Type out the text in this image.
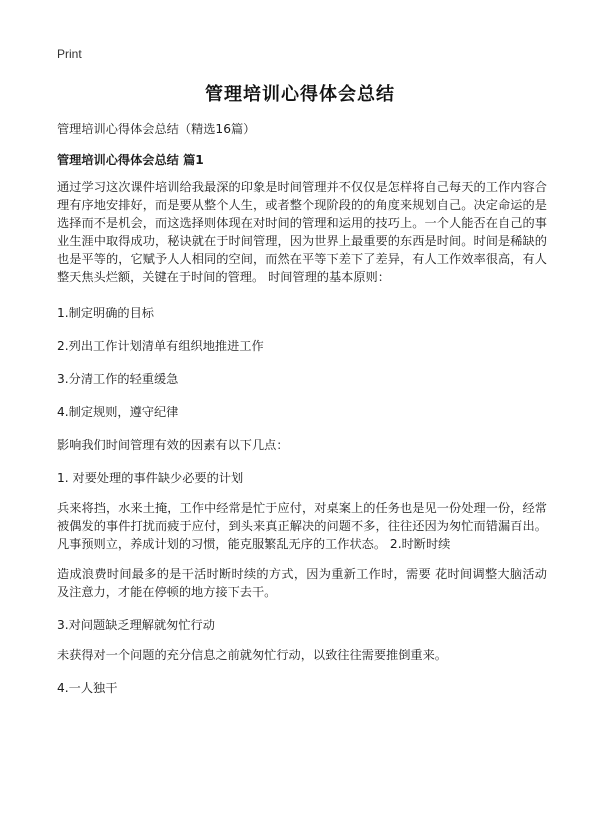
Print
管理培训心得体会总结

管理培训心得体会总结（精选16篇）

管理培训心得体会总结 篇1

通过学习这次课件培训给我最深的印象是时间管理并不仅仅是怎样将自己每天的工作内容合理有序地安排好，而是要从整个人生，或者整个现阶段的的角度来规划自己。决定命运的是选择而不是机会，而这选择则体现在对时间的管理和运用的技巧上。一个人能否在自己的事业生涯中取得成功，秘诀就在于时间管理，因为世界上最重要的东西是时间。时间是稀缺的也是平等的，它赋予人人相同的空间，而然在平等下差下了差异，有人工作效率很高，有人整天焦头烂额，关键在于时间的管理。 时间管理的基本原则：

1.制定明确的目标

2.列出工作计划清单有组织地推进工作

3.分清工作的轻重缓急

4.制定规则，遵守纪律

影响我们时间管理有效的因素有以下几点：

1. 对要处理的事件缺少必要的计划

兵来将挡，水来土掩，工作中经常是忙于应付，对桌案上的任务也是见一份处理一份，经常被偶发的事件打扰而疲于应付，到头来真正解决的问题不多，往往还因为匆忙而错漏百出。凡事预则立，养成计划的习惯，能克服繁乱无序的工作状态。 2.时断时续

造成浪费时间最多的是干活时断时续的方式，因为重新工作时，需要 花时间调整大脑活动及注意力，才能在停顿的地方接下去干。

3.对问题缺乏理解就匆忙行动

未获得对一个问题的充分信息之前就匆忙行动，以致往往需要推倒重来。

4.一人独干
